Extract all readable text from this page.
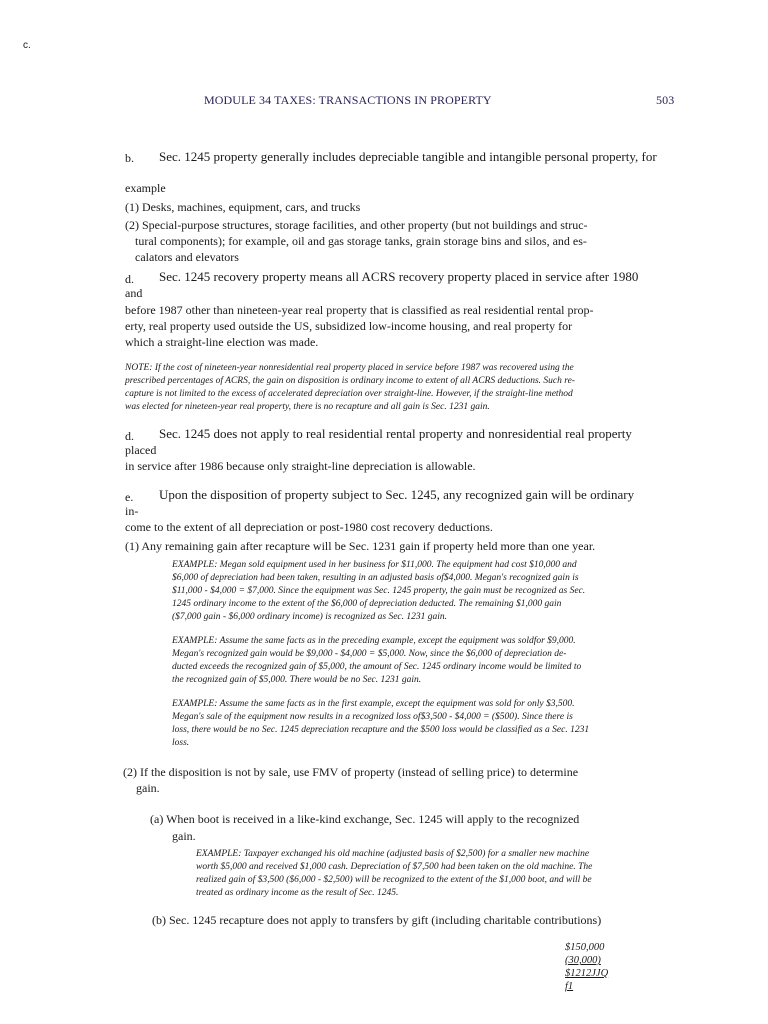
c.
MODULE 34 TAXES: TRANSACTIONS IN PROPERTY	503
b. Sec. 1245 property generally includes depreciable tangible and intangible personal property, for
example
(1) Desks, machines, equipment, cars, and trucks
(2) Special-purpose structures, storage facilities, and other property (but not buildings and struc-
tural components); for example, oil and gas storage tanks, grain storage bins and silos, and es-
calators and elevators
d. Sec. 1245 recovery property means all ACRS recovery property placed in service after 1980
and
before 1987 other than nineteen-year real property that is classified as real residential rental prop-
erty, real property used outside the US, subsidized low-income housing, and real property for
which a straight-line election was made.
NOTE: If the cost of nineteen-year nonresidential real property placed in service before 1987 was recovered using the
prescribed percentages of ACRS, the gain on disposition is ordinary income to extent of all ACRS deductions. Such re-
capture is not limited to the excess of accelerated depreciation over straight-line. However, if the straight-line method
was elected for nineteen-year real property, there is no recapture and all gain is Sec. 1231 gain.
d. Sec. 1245 does not apply to real residential rental property and nonresidential real property
placed
in service after 1986 because only straight-line depreciation is allowable.
e. Upon the disposition of property subject to Sec. 1245, any recognized gain will be ordinary
in-
come to the extent of all depreciation or post-1980 cost recovery deductions.
(1) Any remaining gain after recapture will be Sec. 1231 gain if property held more than one year.
EXAMPLE: Megan sold equipment used in her business for $11,000. The equipment had cost $10,000 and
$6,000 of depreciation had been taken, resulting in an adjusted basis of$4,000. Megan's recognized gain is
$11,000 - $4,000 = $7,000. Since the equipment was Sec. 1245 property, the gain must be recognized as Sec.
1245 ordinary income to the extent of the $6,000 of depreciation deducted. The remaining $1,000 gain
($7,000 gain - $6,000 ordinary income) is recognized as Sec. 1231 gain.
EXAMPLE: Assume the same facts as in the preceding example, except the equipment was soldfor $9,000.
Megan's recognized gain would be $9,000 - $4,000 = $5,000. Now, since the $6,000 of depreciation de-
ducted exceeds the recognized gain of $5,000, the amount of Sec. 1245 ordinary income would be limited to
the recognized gain of $5,000. There would be no Sec. 1231 gain.
EXAMPLE: Assume the same facts as in the first example, except the equipment was sold for only $3,500.
Megan's sale of the equipment now results in a recognized loss of$3,500 - $4,000 = ($500). Since there is
loss, there would be no Sec. 1245 depreciation recapture and the $500 loss would be classified as a Sec. 1231
loss.
(2) If the disposition is not by sale, use FMV of property (instead of selling price) to determine
gain.
(a) When boot is received in a like-kind exchange, Sec. 1245 will apply to the recognized
gain.
EXAMPLE: Taxpayer exchanged his old machine (adjusted basis of $2,500) for a smaller new machine
worth $5,000 and received $1,000 cash. Depreciation of $7,500 had been taken on the old machine. The
realized gain of $3,500 ($6,000 - $2,500) will be recognized to the extent of the $1,000 boot, and will be
treated as ordinary income as the result of Sec. 1245.
(b) Sec. 1245 recapture does not apply to transfers by gift (including charitable contributions)
$150,000
(30,000)
$1212JJQ
f1
